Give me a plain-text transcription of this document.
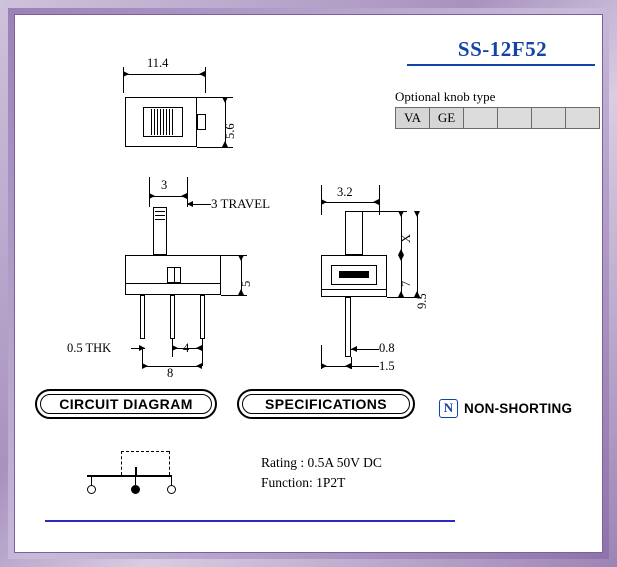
SS-12F52
Optional knob type
VA	GE				
11.4
5.6
3
3 TRAVEL
5
0.5 THK	4
8
3.2
X
7
9.5
0.8
1.5
CIRCUIT DIAGRAM	SPECIFICATIONS	N NON-SHORTING
Rating : 0.5A 50V DC
Function: 1P2T
